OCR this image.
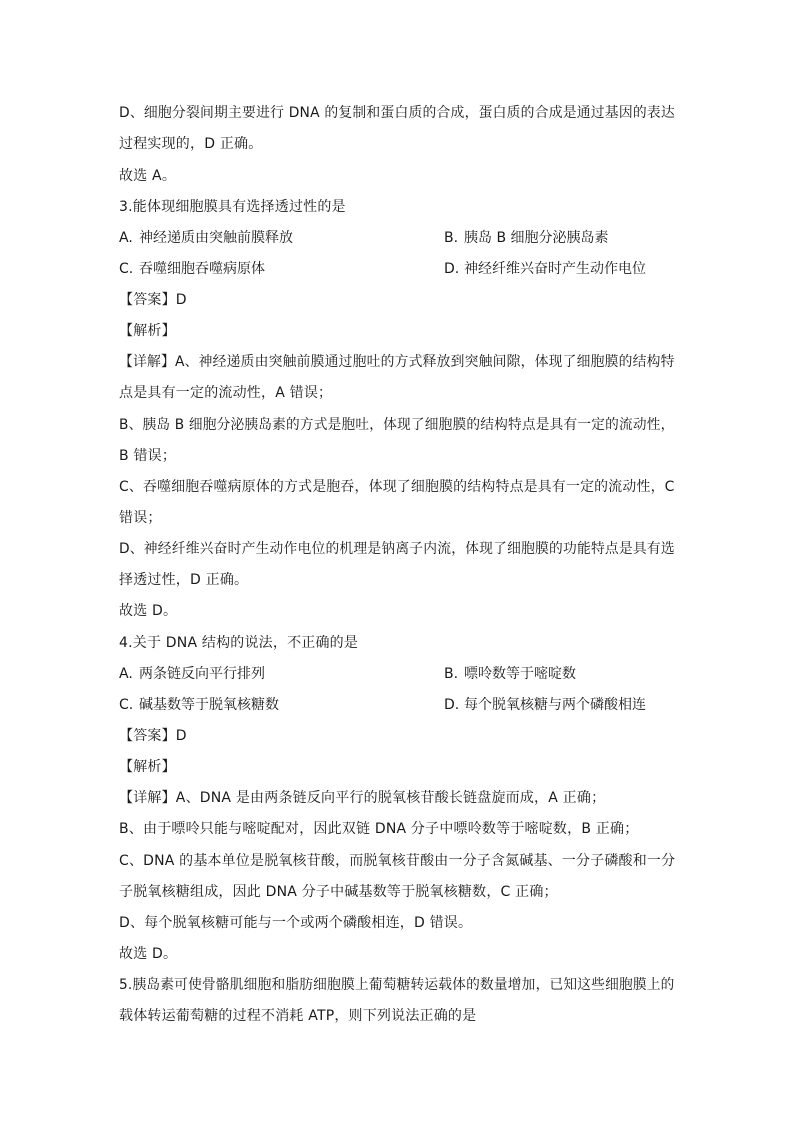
D、细胞分裂间期主要进行 DNA 的复制和蛋白质的合成，蛋白质的合成是通过基因的表达
过程实现的，D 正确。
故选 A。
3.能体现细胞膜具有选择透过性的是
A. 神经递质由突触前膜释放	B. 胰岛 B 细胞分泌胰岛素
C. 吞噬细胞吞噬病原体	D. 神经纤维兴奋时产生动作电位
【答案】D
【解析】
【详解】A、神经递质由突触前膜通过胞吐的方式释放到突触间隙，体现了细胞膜的结构特
点是具有一定的流动性，A 错误；
B、胰岛 B 细胞分泌胰岛素的方式是胞吐，体现了细胞膜的结构特点是具有一定的流动性，
B 错误；
C、吞噬细胞吞噬病原体的方式是胞吞，体现了细胞膜的结构特点是具有一定的流动性，C
错误；
D、神经纤维兴奋时产生动作电位的机理是钠离子内流，体现了细胞膜的功能特点是具有选
择透过性，D 正确。
故选 D。
4.关于 DNA 结构的说法，不正确的是
A. 两条链反向平行排列	B. 嘌呤数等于嘧啶数
C. 碱基数等于脱氧核糖数	D. 每个脱氧核糖与两个磷酸相连
【答案】D
【解析】
【详解】A、DNA 是由两条链反向平行的脱氧核苷酸长链盘旋而成，A 正确；
B、由于嘌呤只能与嘧啶配对，因此双链 DNA 分子中嘌呤数等于嘧啶数，B 正确；
C、DNA 的基本单位是脱氧核苷酸，而脱氧核苷酸由一分子含氮碱基、一分子磷酸和一分
子脱氧核糖组成，因此 DNA 分子中碱基数等于脱氧核糖数，C 正确；
D、每个脱氧核糖可能与一个或两个磷酸相连，D 错误。
故选 D。
5.胰岛素可使骨骼肌细胞和脂肪细胞膜上葡萄糖转运载体的数量增加，已知这些细胞膜上的
载体转运葡萄糖的过程不消耗 ATP，则下列说法正确的是
